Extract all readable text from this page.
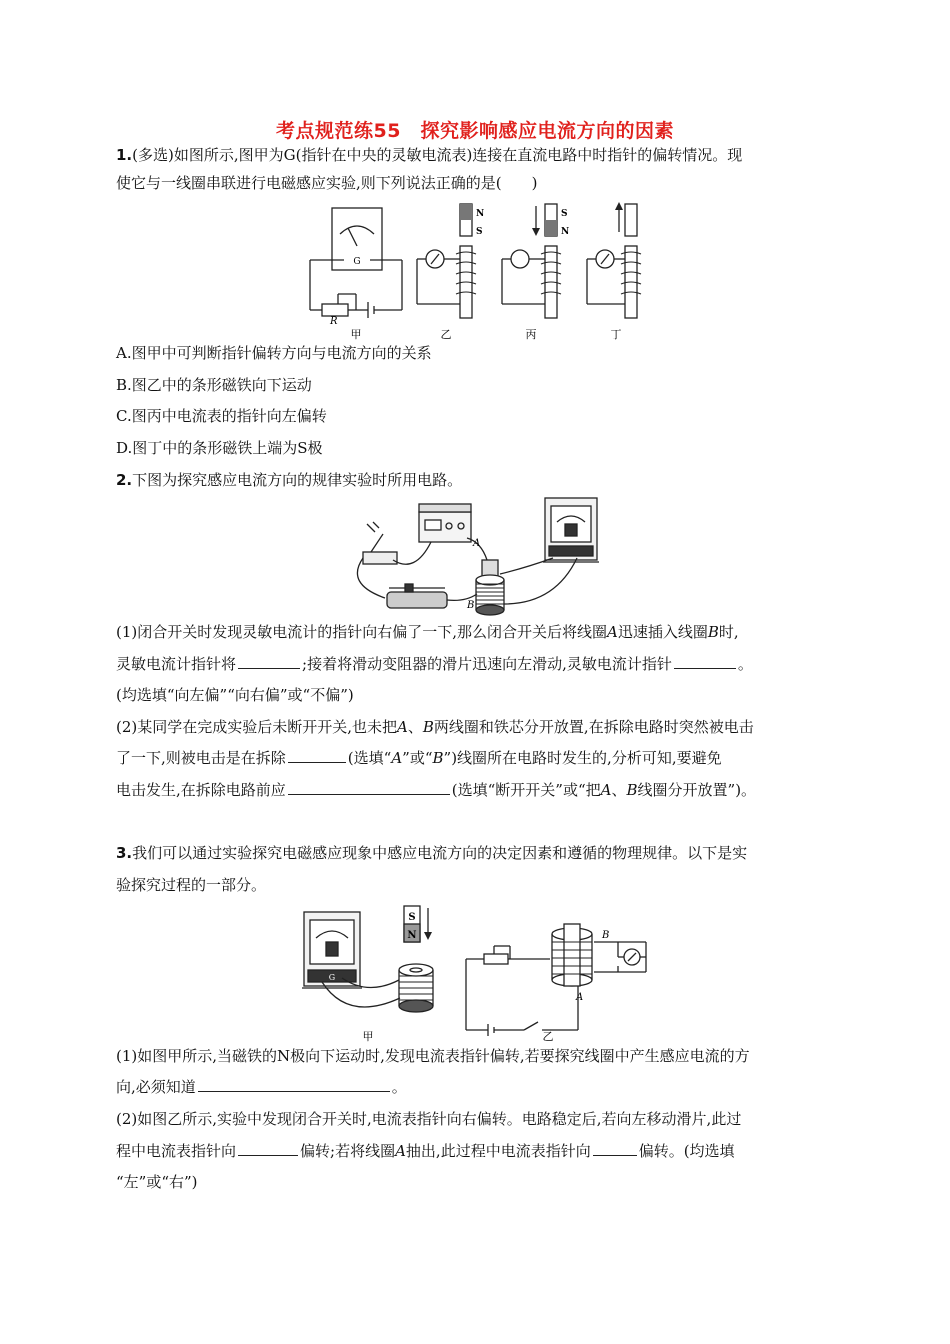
考点规范练55　探究影响感应电流方向的因素
1.(多选)如图所示,图甲为G(指针在中央的灵敏电流表)连接在直流电路中时指针的偏转情况。现
使它与一线圈串联进行电磁感应实验,则下列说法正确的是(　　)
G
R
N
S
S
N
甲	乙	丙	丁
A.图甲中可判断指针偏转方向与电流方向的关系
B.图乙中的条形磁铁向下运动
C.图丙中电流表的指针向左偏转
D.图丁中的条形磁铁上端为S极
2.下图为探究感应电流方向的规律实验时所用电路。
A
B
(1)闭合开关时发现灵敏电流计的指针向右偏了一下,那么闭合开关后将线圈A迅速插入线圈B时,
灵敏电流计指针将	;接着将滑动变阻器的滑片迅速向左滑动,灵敏电流计指针	。
(均选填“向左偏”“向右偏”或“不偏”)
(2)某同学在完成实验后未断开开关,也未把A、B两线圈和铁芯分开放置,在拆除电路时突然被电击
了一下,则被电击是在拆除	(选填“A”或“B”)线圈所在电路时发生的,分析可知,要避免
电击发生,在拆除电路前应	(选填“断开开关”或“把A、B线圈分开放置”)。
3.我们可以通过实验探究电磁感应现象中感应电流方向的决定因素和遵循的物理规律。以下是实
验探究过程的一部分。
S
N
G
B
A
甲	乙
(1)如图甲所示,当磁铁的N极向下运动时,发现电流表指针偏转,若要探究线圈中产生感应电流的方
向,必须知道	。
(2)如图乙所示,实验中发现闭合开关时,电流表指针向右偏转。电路稳定后,若向左移动滑片,此过
程中电流表指针向	偏转;若将线圈A抽出,此过程中电流表指针向	偏转。(均选填
“左”或“右”)
